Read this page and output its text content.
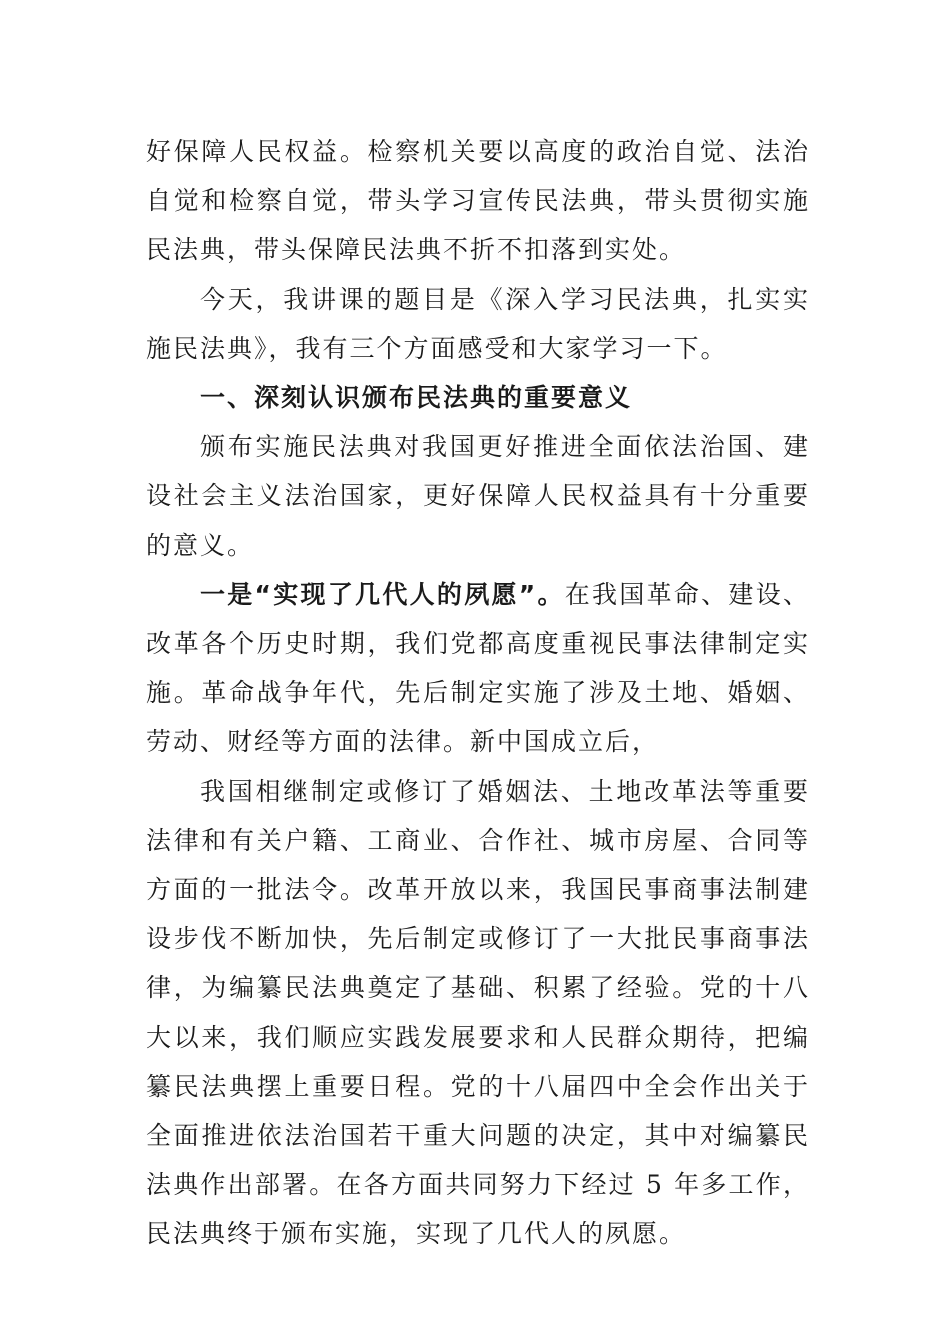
好保障人民权益。检察机关要以高度的政治自觉、法治自觉和检察自觉，带头学习宣传民法典，带头贯彻实施民法典，带头保障民法典不折不扣落到实处。

今天，我讲课的题目是《深入学习民法典，扎实实施民法典》，我有三个方面感受和大家学习一下。

一、深刻认识颁布民法典的重要意义

颁布实施民法典对我国更好推进全面依法治国、建设社会主义法治国家，更好保障人民权益具有十分重要的意义。

一是“实现了几代人的夙愿”。在我国革命、建设、改革各个历史时期，我们党都高度重视民事法律制定实施。革命战争年代，先后制定实施了涉及土地、婚姻、劳动、财经等方面的法律。新中国成立后，

我国相继制定或修订了婚姻法、土地改革法等重要法律和有关户籍、工商业、合作社、城市房屋、合同等方面的一批法令。改革开放以来，我国民事商事法制建设步伐不断加快，先后制定或修订了一大批民事商事法律，为编纂民法典奠定了基础、积累了经验。党的十八大以来，我们顺应实践发展要求和人民群众期待，把编纂民法典摆上重要日程。党的十八届四中全会作出关于全面推进依法治国若干重大问题的决定，其中对编纂民法典作出部署。在各方面共同努力下经过 5 年多工作，民法典终于颁布实施，实现了几代人的夙愿。
